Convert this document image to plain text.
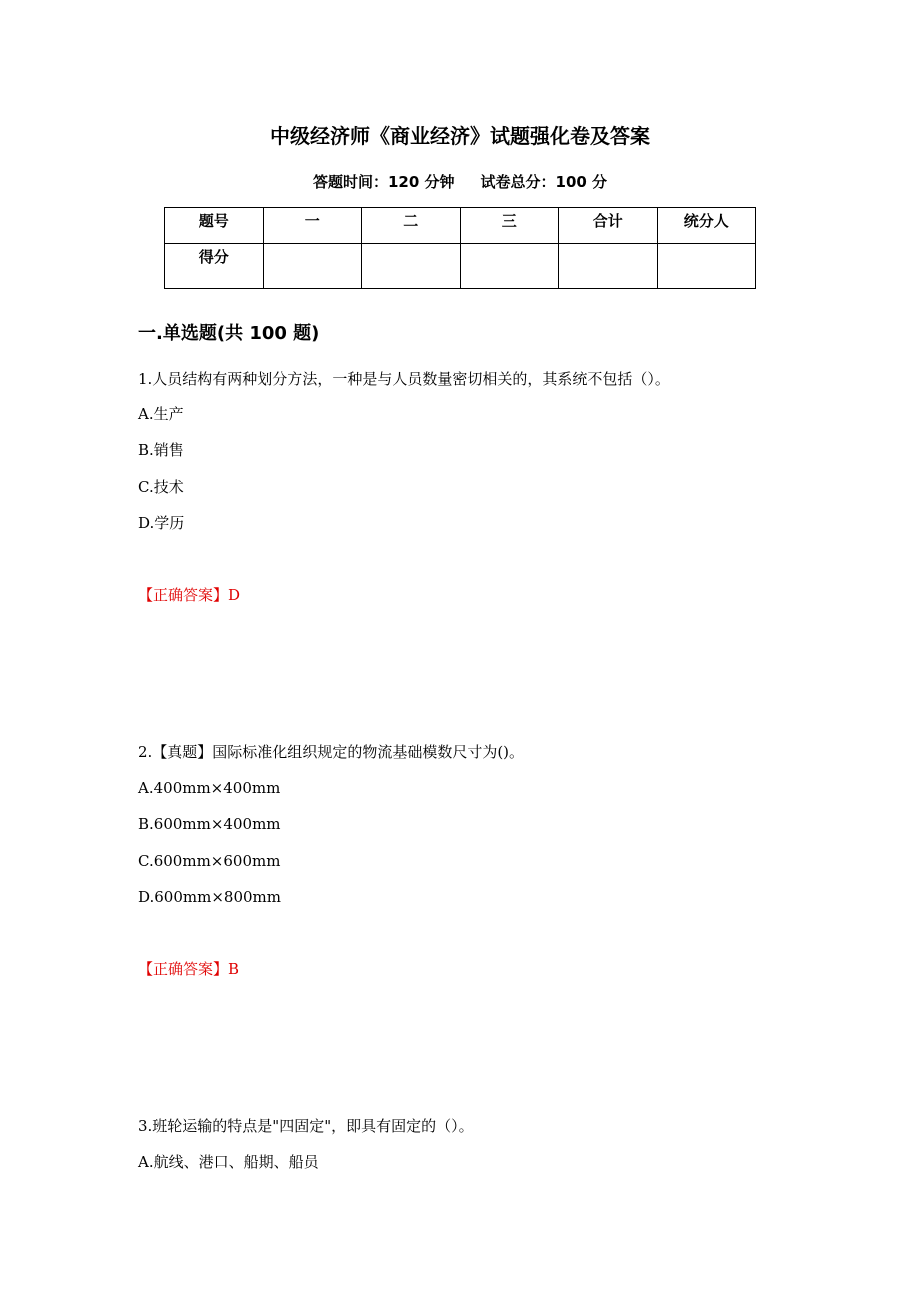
中级经济师《商业经济》试题强化卷及答案
答题时间：120 分钟 试卷总分：100 分
题号	一	二	三	合计	统分人
得分					
一.单选题(共 100 题)
1.人员结构有两种划分方法，一种是与人员数量密切相关的，其系统不包括（）。
A.生产
B.销售
C.技术
D.学历
【正确答案】D
2.【真题】国际标准化组织规定的物流基础模数尺寸为()。
A.400mm×400mm
B.600mm×400mm
C.600mm×600mm
D.600mm×800mm
【正确答案】B
3.班轮运输的特点是"四固定"，即具有固定的（）。
A.航线、港口、船期、船员
